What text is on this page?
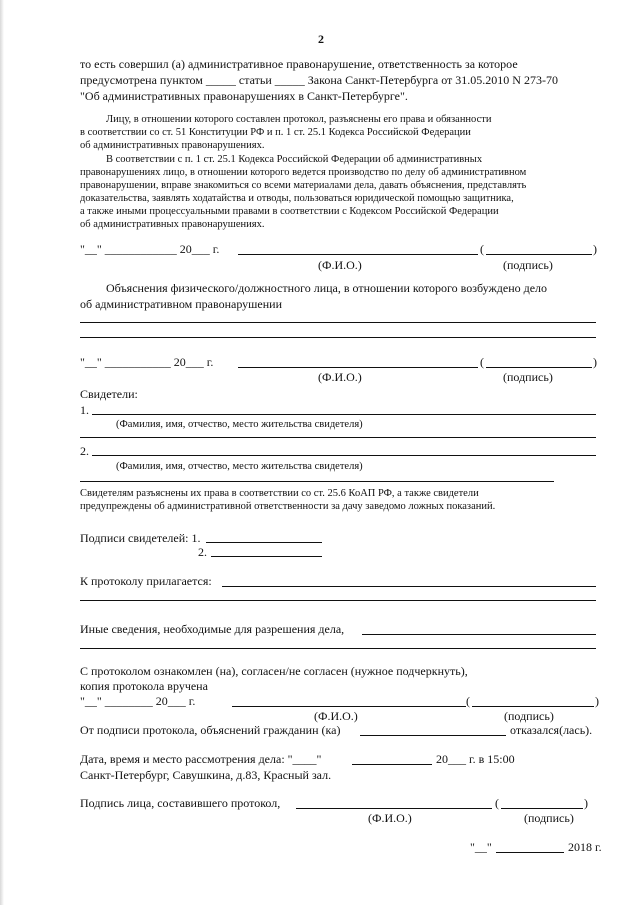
2
то есть совершил (а) административное правонарушение, ответственность за которое
предусмотрена пунктом _____ статьи _____ Закона Санкт-Петербурга от 31.05.2010 N 273-70
"Об административных правонарушениях в Санкт-Петербурге".
Лицу, в отношении которого составлен протокол, разъяснены его права и обязанности
в соответствии со ст. 51 Конституции РФ и п. 1 ст. 25.1 Кодекса Российской Федерации
об административных правонарушениях.
В соответствии с п. 1 ст. 25.1 Кодекса Российской Федерации об административных
правонарушениях лицо, в отношении которого ведется производство по делу об административном
правонарушении, вправе знакомиться со всеми материалами дела, давать объяснения, представлять
доказательства, заявлять ходатайства и отводы, пользоваться юридической помощью защитника,
а также иными процессуальными правами в соответствии с Кодексом Российской Федерации
об административных правонарушениях.
"__" ____________ 20___ г.	(	)
(Ф.И.О.)	(подпись)
Объяснения физического/должностного лица, в отношении которого возбуждено дело
об административном правонарушении
"__" ___________ 20___ г.	(	)
(Ф.И.О.)	(подпись)
Свидетели:
1.
(Фамилия, имя, отчество, место жительства свидетеля)
2.
(Фамилия, имя, отчество, место жительства свидетеля)
Свидетелям разъяснены их права в соответствии со ст. 25.6 КоАП РФ, а также свидетели
предупреждены об административной ответственности за дачу заведомо ложных показаний.
Подписи свидетелей: 1.
2.
К протоколу прилагается:
Иные сведения, необходимые для разрешения дела,
С протоколом ознакомлен (на), согласен/не согласен (нужное подчеркнуть),
копия протокола вручена
"__" ________ 20___ г.	(	)
(Ф.И.О.)	(подпись)
От подписи протокола, объяснений гражданин (ка)	отказался(лась).
Дата, время и место рассмотрения дела: "____"	20___ г. в 15:00
Санкт-Петербург, Савушкина, д.83, Красный зал.
Подпись лица, составившего протокол,	(	)
(Ф.И.О.)	(подпись)
"__"	2018 г.
